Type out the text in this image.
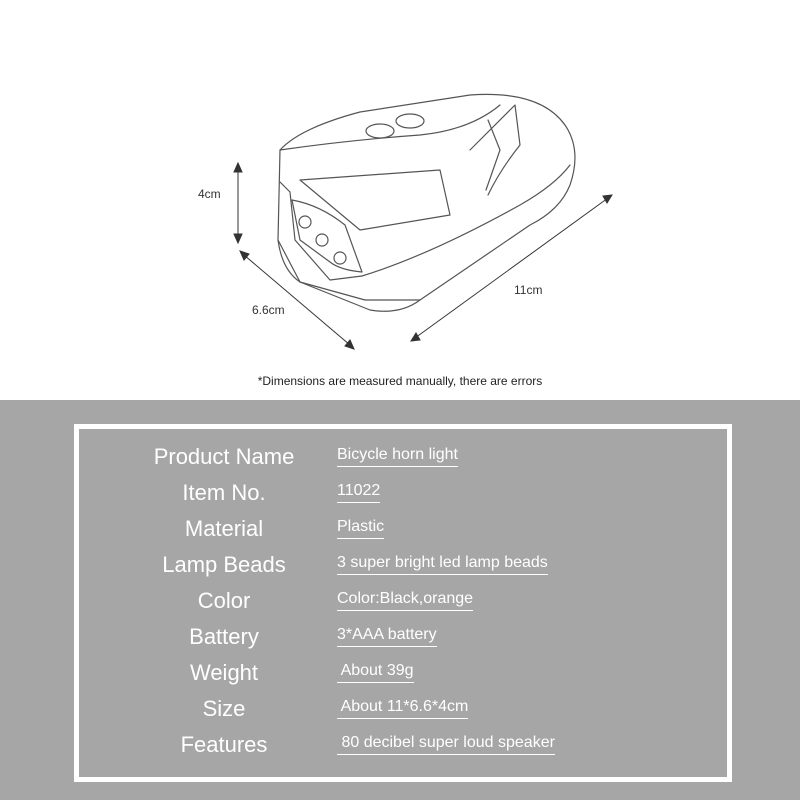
4cm
6.6cm
11cm
*Dimensions are measured manually, there are errors
Product Name	Bicycle horn light
Item No.	11022
Material	Plastic
Lamp Beads	3 super bright led lamp beads
Color	Color:Black,orange
Battery	3*AAA battery
Weight	About 39g
Size	About 11*6.6*4cm
Features	80 decibel super loud speaker
